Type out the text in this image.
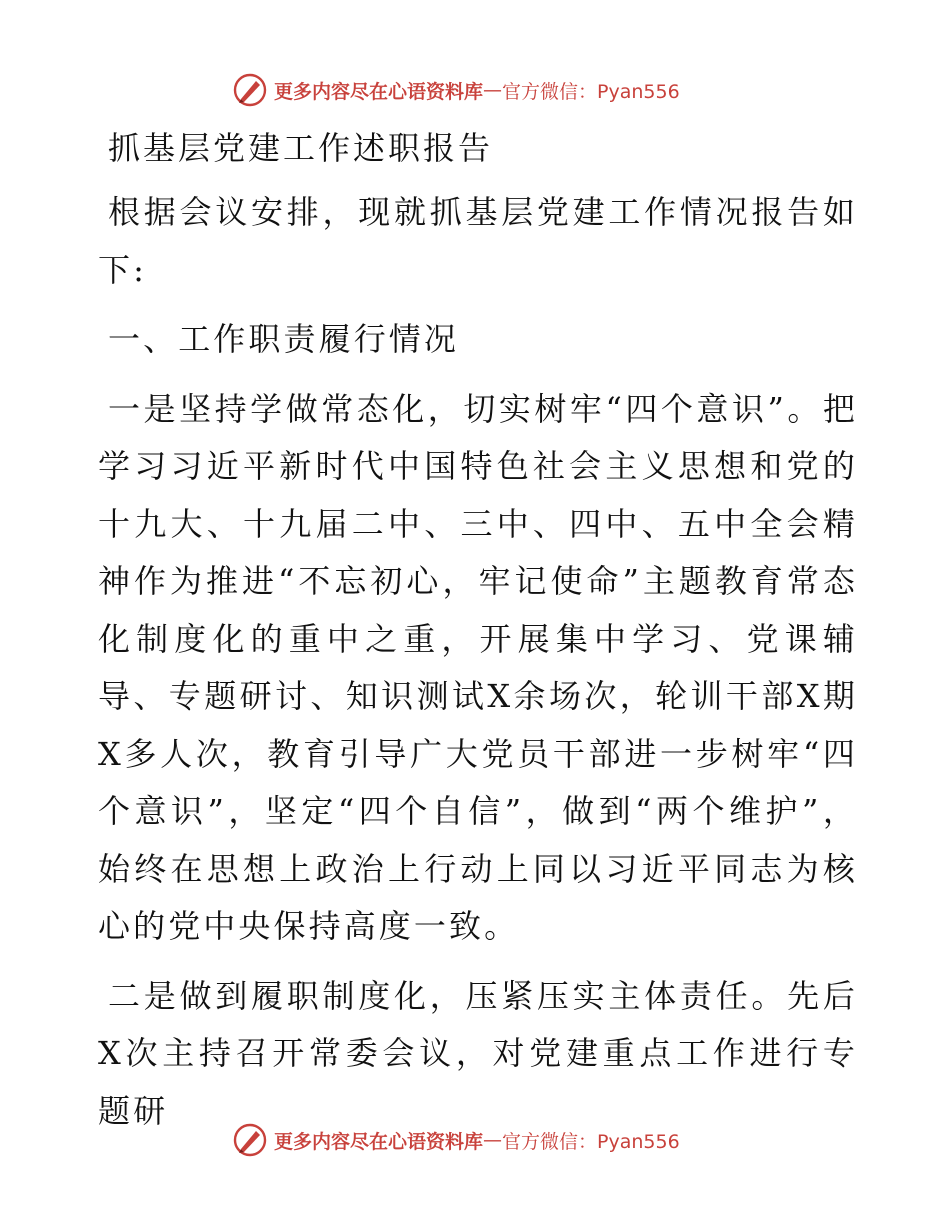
更多内容尽在心语资料库 — 官方微信：Pyan556
抓基层党建工作述职报告

根据会议安排，现就抓基层党建工作情况报告如下:

一、工作职责履行情况

一是坚持学做常态化，切实树牢“四个意识”。把学习习近平新时代中国特色社会主义思想和党的十九大、十九届二中、三中、四中、五中全会精神作为推进“不忘初心，牢记使命”主题教育常态化制度化的重中之重，开展集中学习、党课辅导、专题研讨、知识测试X余场次，轮训干部X期X多人次，教育引导广大党员干部进一步树牢“四个意识”，坚定“四个自信”，做到“两个维护”，始终在思想上政治上行动上同以习近平同志为核心的党中央保持高度一致。

二是做到履职制度化，压紧压实主体责任。先后X次主持召开常委会议，对党建重点工作进行专题研

更多内容尽在心语资料库 — 官方微信：Pyan556
